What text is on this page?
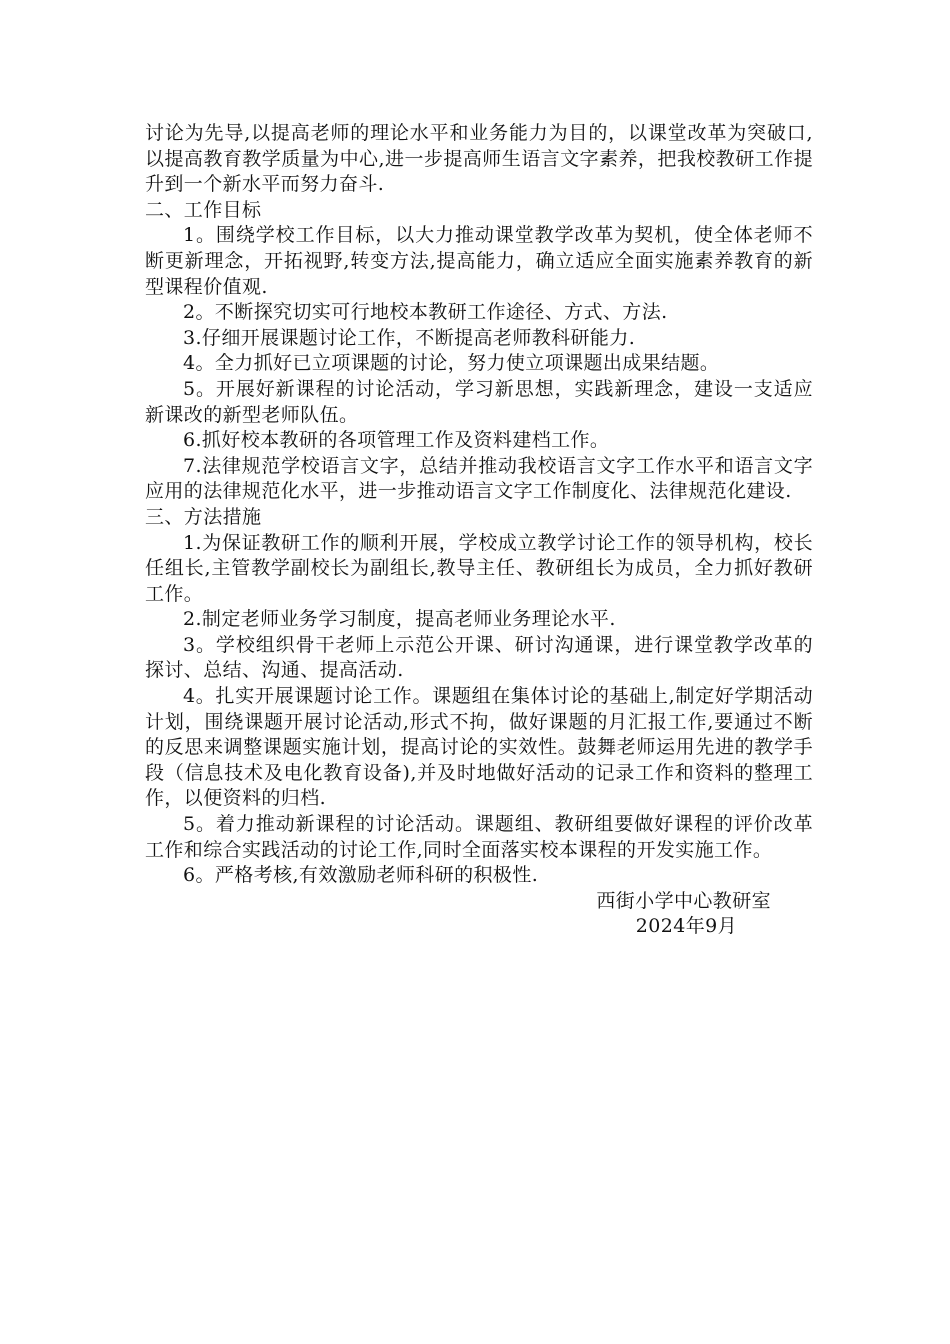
讨论为先导,以提高老师的理论水平和业务能力为目的，以课堂改革为突破口,以提高教育教学质量为中心,进一步提高师生语言文字素养，把我校教研工作提升到一个新水平而努力奋斗.

二、工作目标

1。围绕学校工作目标，以大力推动课堂教学改革为契机，使全体老师不断更新理念，开拓视野,转变方法,提高能力，确立适应全面实施素养教育的新型课程价值观.

2。不断探究切实可行地校本教研工作途径、方式、方法.

3.仔细开展课题讨论工作，不断提高老师教科研能力.

4。全力抓好已立项课题的讨论，努力使立项课题出成果结题。

5。开展好新课程的讨论活动，学习新思想，实践新理念，建设一支适应新课改的新型老师队伍。

6.抓好校本教研的各项管理工作及资料建档工作。

7.法律规范学校语言文字，总结并推动我校语言文字工作水平和语言文字应用的法律规范化水平，进一步推动语言文字工作制度化、法律规范化建设.

三、方法措施

1.为保证教研工作的顺利开展，学校成立教学讨论工作的领导机构，校长任组长,主管教学副校长为副组长,教导主任、教研组长为成员，全力抓好教研工作。

2.制定老师业务学习制度，提高老师业务理论水平.

3。学校组织骨干老师上示范公开课、研讨沟通课，进行课堂教学改革的探讨、总结、沟通、提高活动.

4。扎实开展课题讨论工作。课题组在集体讨论的基础上,制定好学期活动计划，围绕课题开展讨论活动,形式不拘，做好课题的月汇报工作,要通过不断的反思来调整课题实施计划，提高讨论的实效性。鼓舞老师运用先进的教学手段（信息技术及电化教育设备),并及时地做好活动的记录工作和资料的整理工作，以便资料的归档.

5。着力推动新课程的讨论活动。课题组、教研组要做好课程的评价改革工作和综合实践活动的讨论工作,同时全面落实校本课程的开发实施工作。

6。严格考核,有效激励老师科研的积极性.

西街小学中心教研室

2024年9月
